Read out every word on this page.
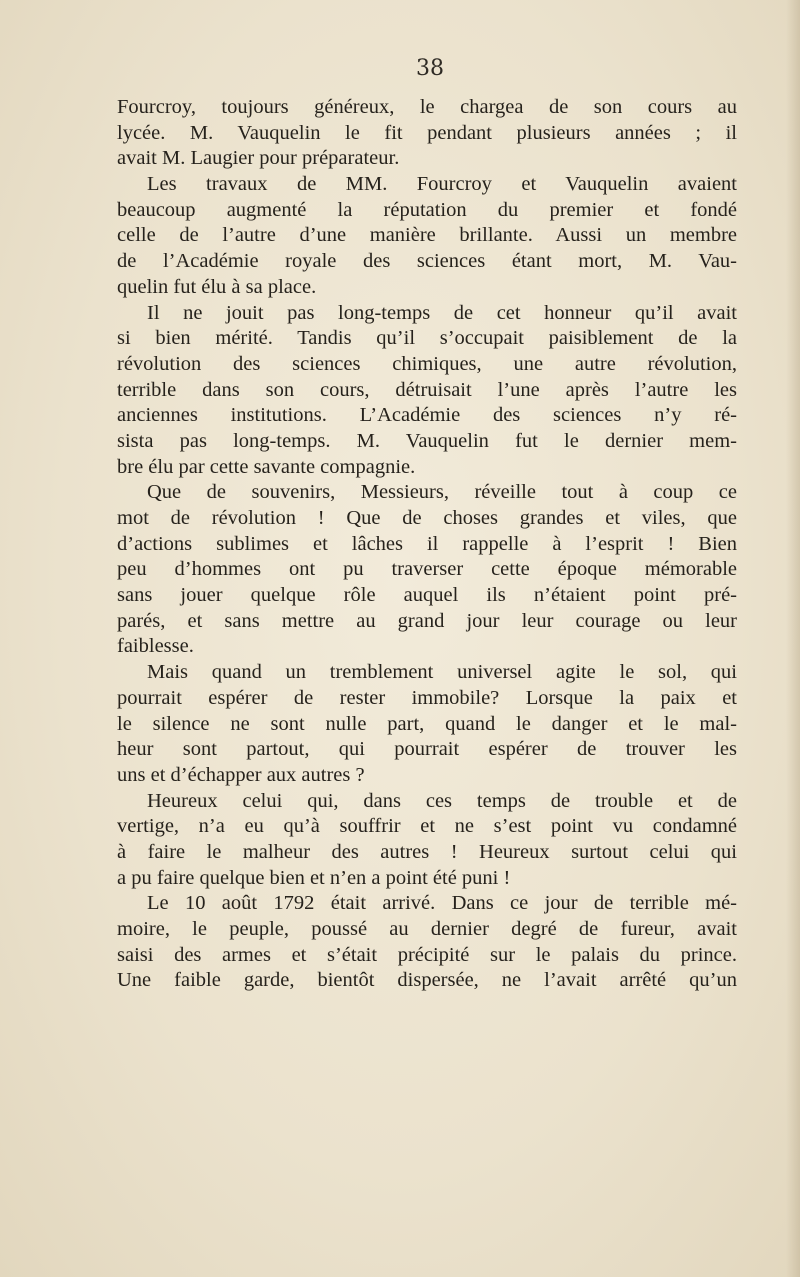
38
Fourcroy, toujours généreux, le chargea de son cours au
lycée. M. Vauquelin le fit pendant plusieurs années ; il
avait M. Laugier pour préparateur.
Les travaux de MM. Fourcroy et Vauquelin avaient
beaucoup augmenté la réputation du premier et fondé
celle de l’autre d’une manière brillante. Aussi un membre
de l’Académie royale des sciences étant mort, M. Vau-
quelin fut élu à sa place.
Il ne jouit pas long-temps de cet honneur qu’il avait
si bien mérité. Tandis qu’il s’occupait paisiblement de la
révolution des sciences chimiques, une autre révolution,
terrible dans son cours, détruisait l’une après l’autre les
anciennes institutions. L’Académie des sciences n’y ré-
sista pas long-temps. M. Vauquelin fut le dernier mem-
bre élu par cette savante compagnie.
Que de souvenirs, Messieurs, réveille tout à coup ce
mot de révolution ! Que de choses grandes et viles, que
d’actions sublimes et lâches il rappelle à l’esprit ! Bien
peu d’hommes ont pu traverser cette époque mémorable
sans jouer quelque rôle auquel ils n’étaient point pré-
parés, et sans mettre au grand jour leur courage ou leur
faiblesse.
Mais quand un tremblement universel agite le sol, qui
pourrait espérer de rester immobile? Lorsque la paix et
le silence ne sont nulle part, quand le danger et le mal-
heur sont partout, qui pourrait espérer de trouver les
uns et d’échapper aux autres ?
Heureux celui qui, dans ces temps de trouble et de
vertige, n’a eu qu’à souffrir et ne s’est point vu condamné
à faire le malheur des autres ! Heureux surtout celui qui
a pu faire quelque bien et n’en a point été puni !
Le 10 août 1792 était arrivé. Dans ce jour de terrible mé-
moire, le peuple, poussé au dernier degré de fureur, avait
saisi des armes et s’était précipité sur le palais du prince.
Une faible garde, bientôt dispersée, ne l’avait arrêté qu’un
